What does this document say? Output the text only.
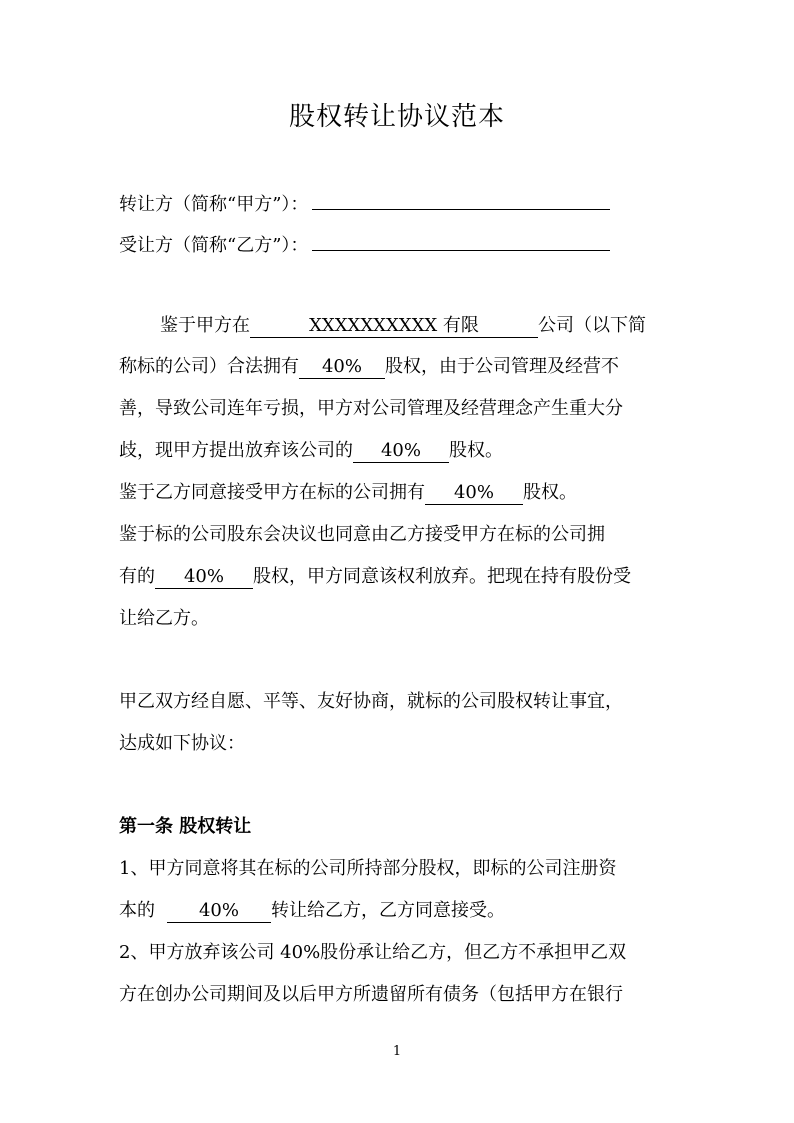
股权转让协议范本
转让方（简称“甲方”）：
受让方（简称“乙方”）：
鉴于甲方在	XXXXXXXXXX 有限	公司（以下简
称标的公司）合法拥有 40% 股权，由于公司管理及经营不
善，导致公司连年亏损，甲方对公司管理及经营理念产生重大分
歧，现甲方提出放弃该公司的 40% 股权。
鉴于乙方同意接受甲方在标的公司拥有 40% 股权。
鉴于标的公司股东会决议也同意由乙方接受甲方在标的公司拥
有的 40% 股权，甲方同意该权利放弃。把现在持有股份受
让给乙方。
甲乙双方经自愿、平等、友好协商，就标的公司股权转让事宜，
达成如下协议：
第一条 股权转让
1、甲方同意将其在标的公司所持部分股权，即标的公司注册资
本的 40% 转让给乙方，乙方同意接受。
2、甲方放弃该公司 40%股份承让给乙方，但乙方不承担甲乙双
方在创办公司期间及以后甲方所遗留所有债务（包括甲方在银行
1
